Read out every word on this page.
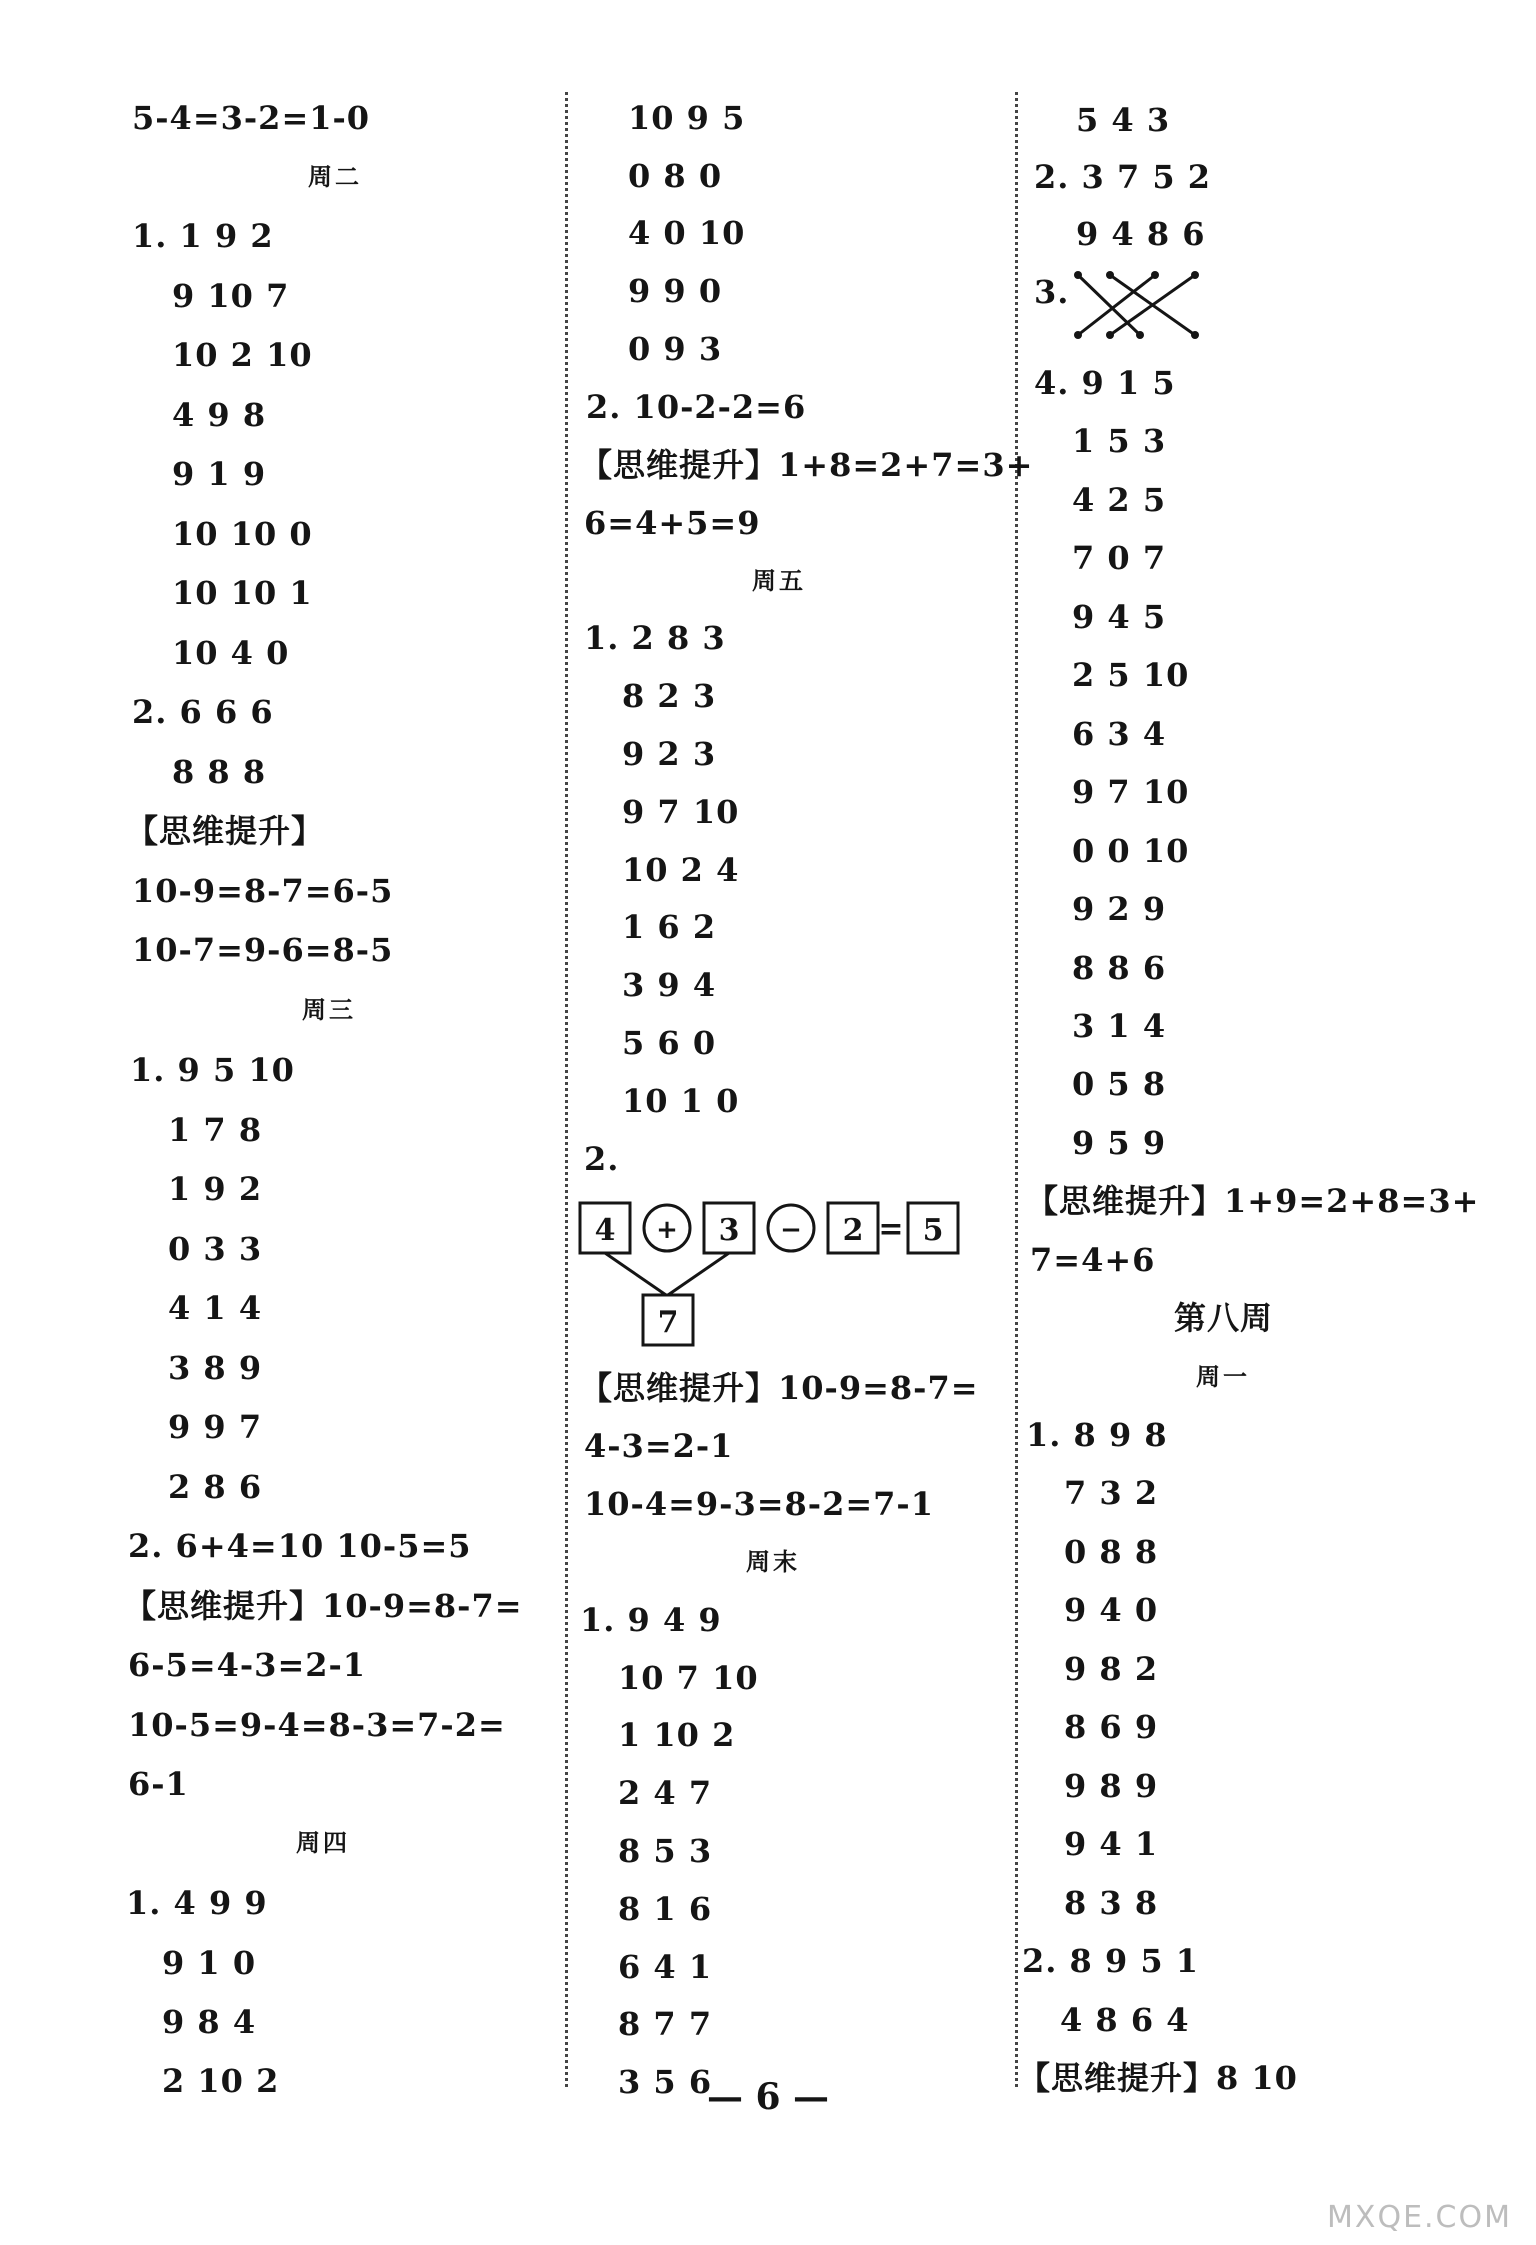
5-4=3-2=1-0
周二
1. 1 9 2
9 10 7
10 2 10
4 9 8
9 1 9
10 10 0
10 10 1
10 4 0
2. 6 6 6
8 8 8
【思维提升】
10-9=8-7=6-5
10-7=9-6=8-5
周三
1. 9 5 10
1 7 8
1 9 2
0 3 3
4 1 4
3 8 9
9 9 7
2 8 6
2. 6+4=10 10-5=5
【思维提升】10-9=8-7=
6-5=4-3=2-1
10-5=9-4=8-3=7-2=
6-1
周四
1. 4 9 9
9 1 0
9 8 4
2 10 2
10 9 5
0 8 0
4 0 10
9 9 0
0 9 3
2. 10-2-2=6
【思维提升】1+8=2+7=3+
6=4+5=9
周五
1. 2 8 3
8 2 3
9 2 3
9 7 10
10 2 4
1 6 2
3 9 4
5 6 0
10 1 0
2.
4 + 3 − 2 = 5
7
【思维提升】10-9=8-7=
4-3=2-1
10-4=9-3=8-2=7-1
周末
1. 9 4 9
10 7 10
1 10 2
2 4 7
8 5 3
8 1 6
6 4 1
8 7 7
3 5 6
5 4 3
2. 3 7 5 2
9 4 8 6
3.
4. 9 1 5
1 5 3
4 2 5
7 0 7
9 4 5
2 5 10
6 3 4
9 7 10
0 0 10
9 2 9
8 8 6
3 1 4
0 5 8
9 5 9
【思维提升】1+9=2+8=3+
7=4+6
第八周
周一
1. 8 9 8
7 3 2
0 8 8
9 4 0
9 8 2
8 6 9
9 8 9
9 4 1
8 3 8
2. 8 9 5 1
4 8 6 4
【思维提升】8 10
— 6 —
MXQE.COM
